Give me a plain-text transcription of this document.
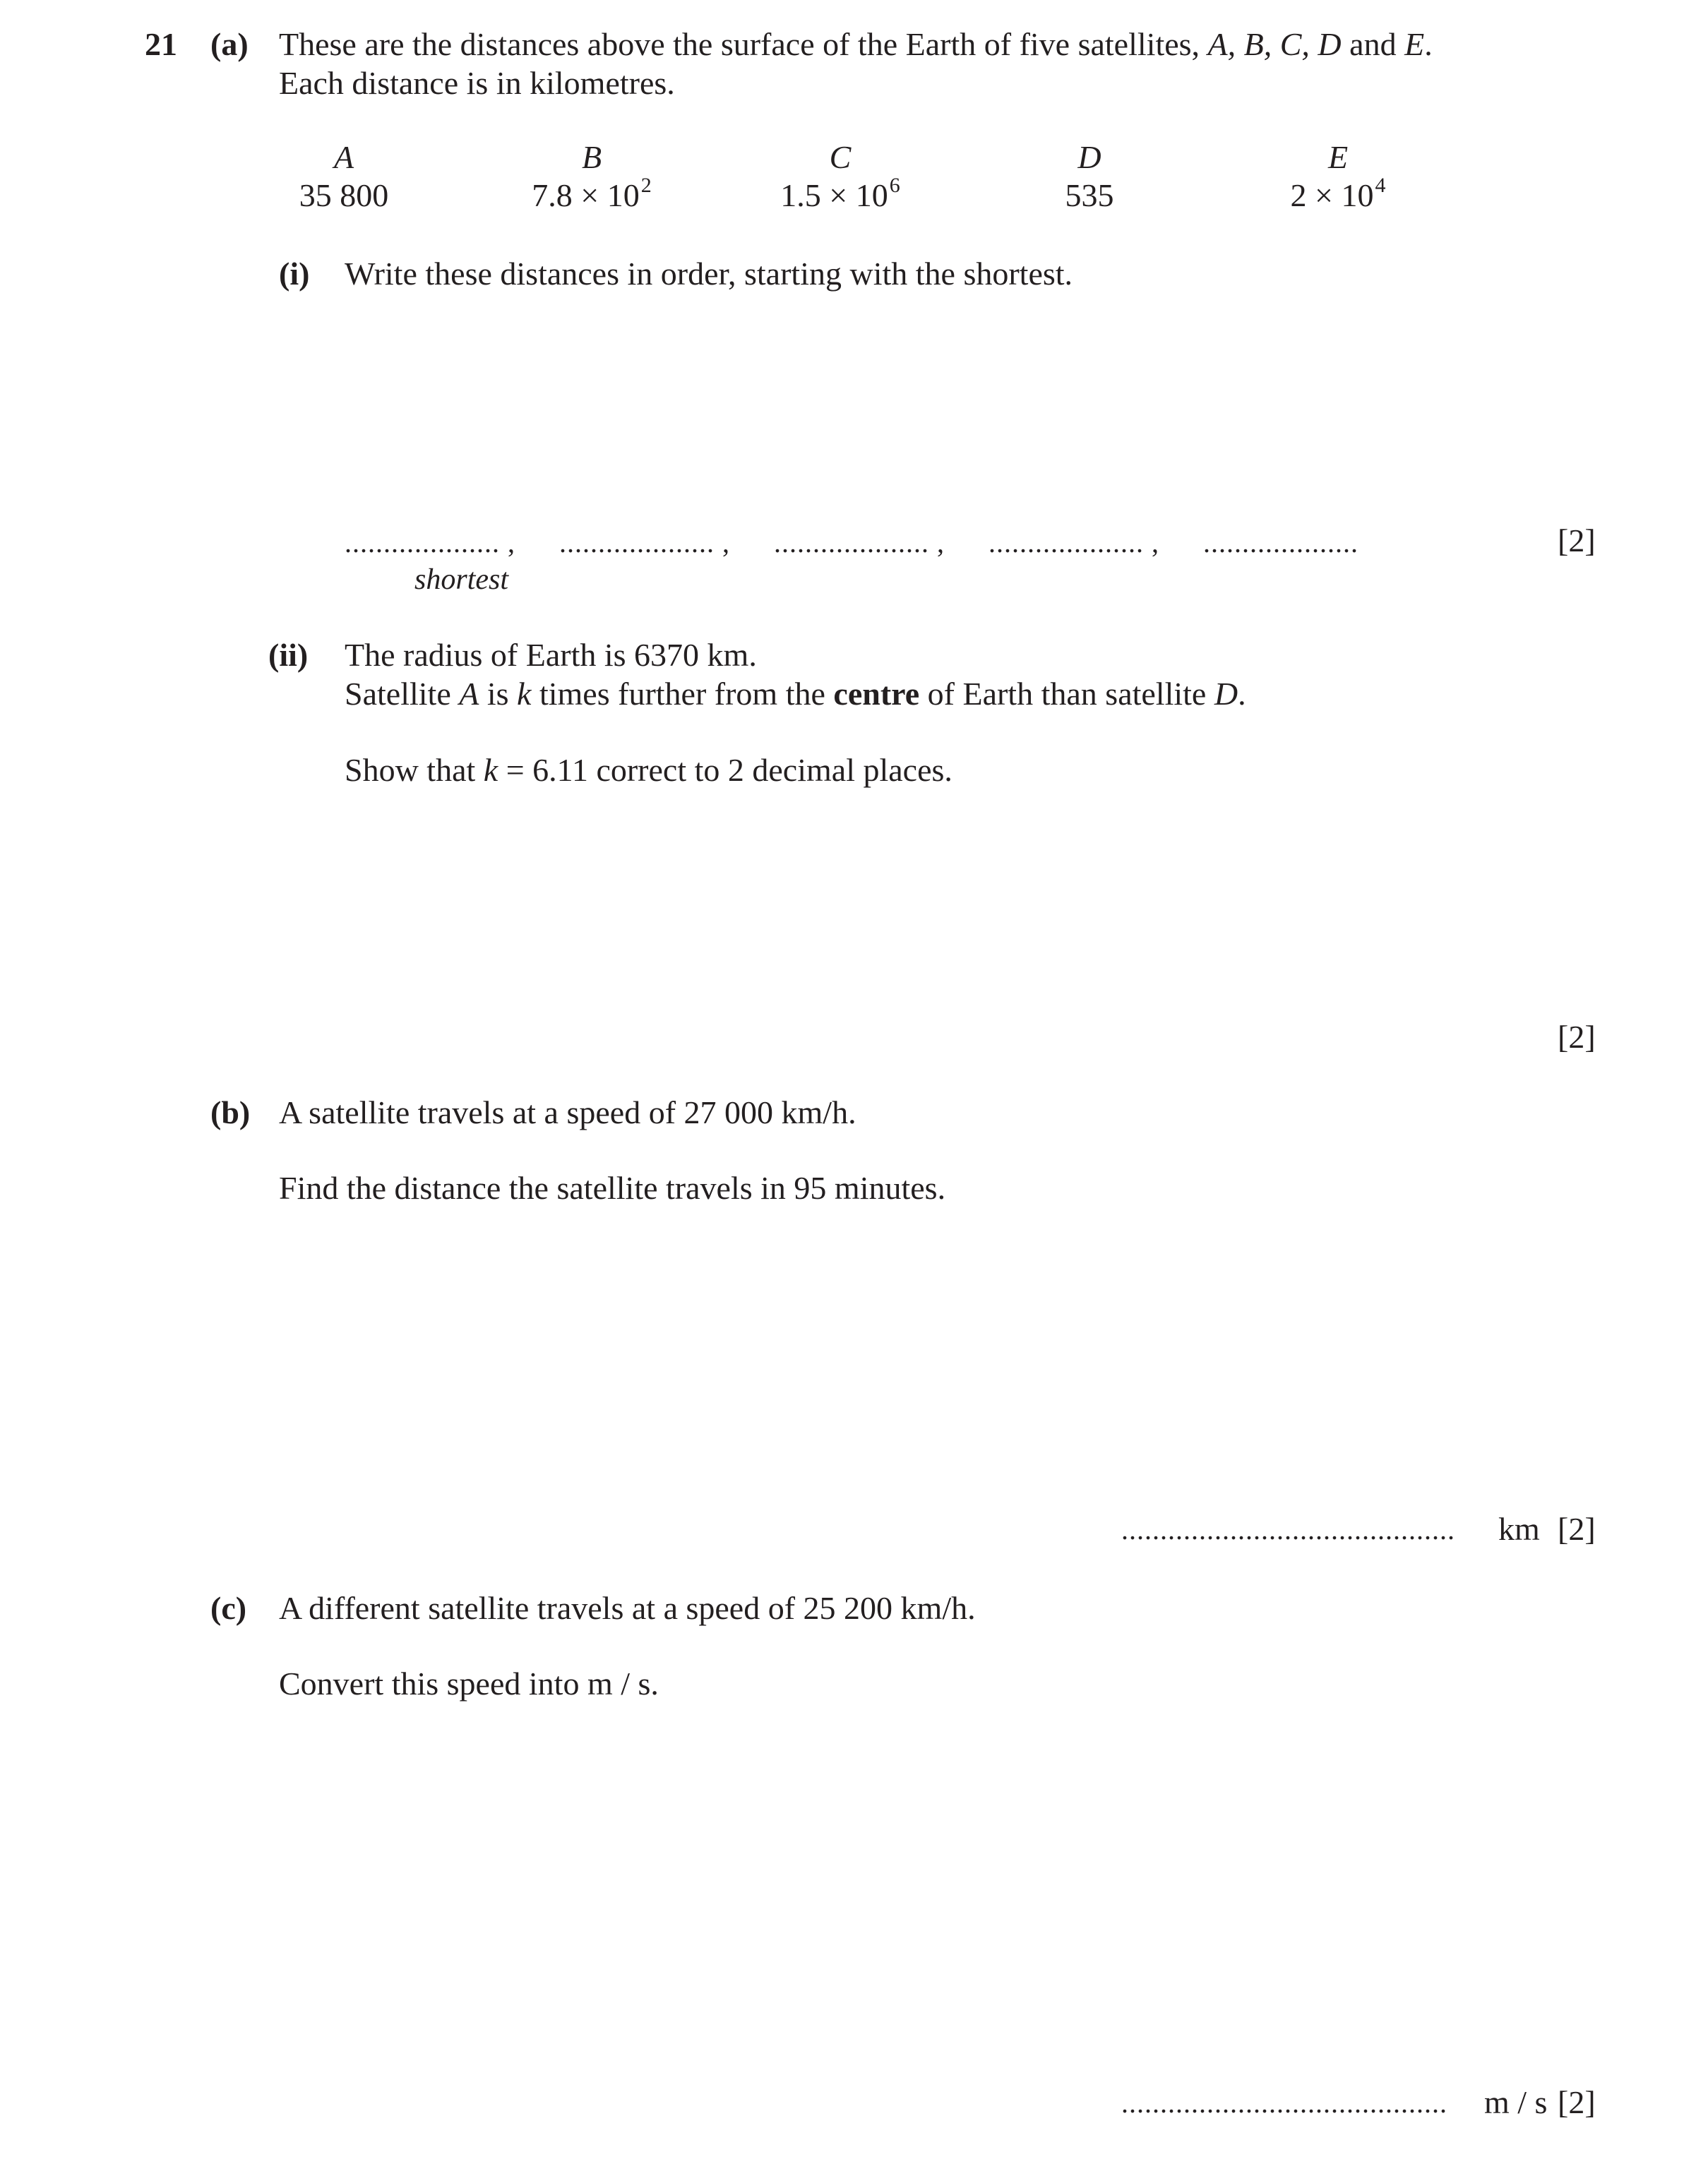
21 (a) These are the distances above the surface of the Earth of five satellites, A, B, C, D and E.
Each distance is in kilometres.
A
35 800
B
$7.8 \times 10^2$
C
$1.5 \times 10^6$
D
535
E
$2 \times 10^4$
(i) Write these distances in order, starting with the shortest.
.................... , .................... , .................... , .................... , ....................
shortest
[2]
(ii) The radius of Earth is 6370 km.
Satellite A is k times further from the centre of Earth than satellite D.
Show that k = 6.11 correct to 2 decimal places.
[2]
(b) A satellite travels at a speed of 27 000 km/h.
Find the distance the satellite travels in 95 minutes.
........................................... km [2]
(c) A different satellite travels at a speed of 25 200 km/h.
Convert this speed into m / s.
.......................................... m / s [2]
